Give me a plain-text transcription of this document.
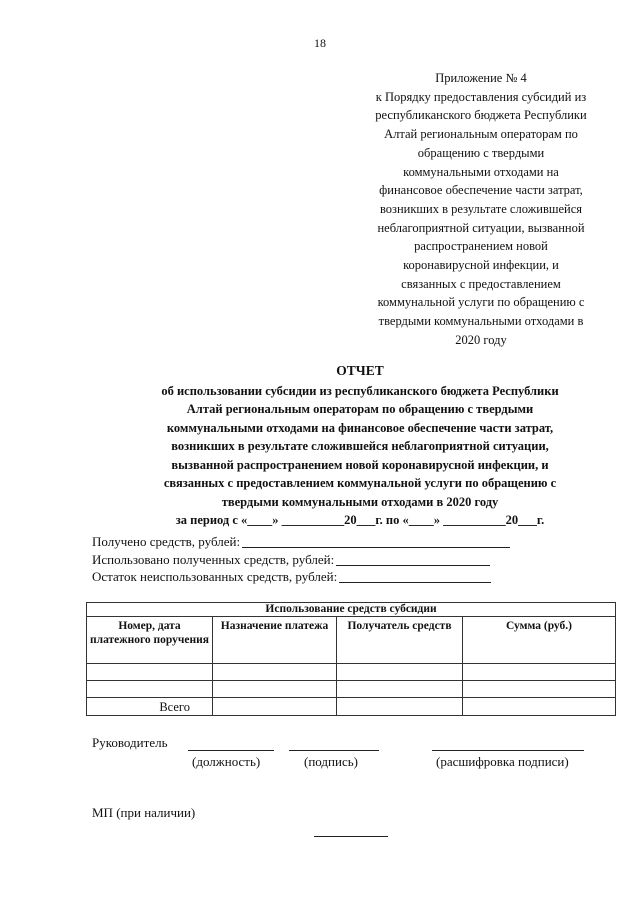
18
Приложение № 4
к Порядку предоставления субсидий из
республиканского бюджета Республики
Алтай региональным операторам по
обращению с твердыми
коммунальными отходами на
финансовое обеспечение части затрат,
возникших в результате сложившейся
неблагоприятной ситуации, вызванной
распространением новой
коронавирусной инфекции, и
связанных с предоставлением
коммунальной услуги по обращению с
твердыми коммунальными отходами в
2020 году
ОТЧЕТ
об использовании субсидии из республиканского бюджета Республики
Алтай региональным операторам по обращению с твердыми
коммунальными отходами на финансовое обеспечение части затрат,
возникших в результате сложившейся неблагоприятной ситуации,
вызванной распространением новой коронавирусной инфекции, и
связанных с предоставлением коммунальной услуги по обращению с
твердыми коммунальными отходами в 2020 году
за период с «____» __________20___г. по «____» __________20___г.
Получено средств, рублей:
Использовано полученных средств, рублей:
Остаток неиспользованных средств, рублей:
Использование средств субсидии			
Номер, дата платежного поручения	Назначение платежа	Получатель средств	Сумма (руб.)

Всего			
Руководитель
(должность)	(подпись)	(расшифровка подписи)
МП (при наличии)
